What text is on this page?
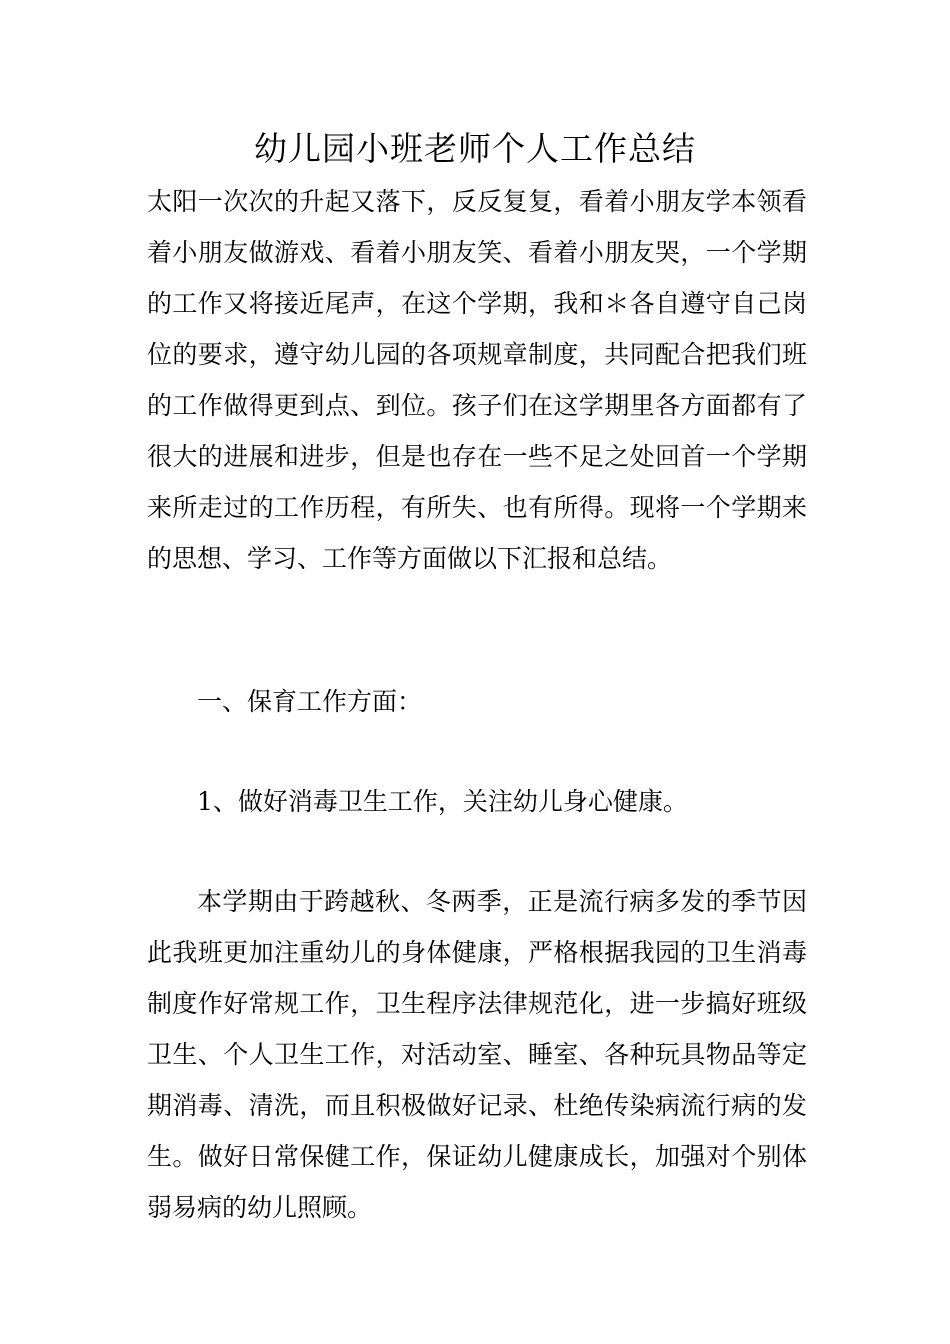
幼儿园小班老师个人工作总结

太阳一次次的升起又落下，反反复复，看着小朋友学本领看着小朋友做游戏、看着小朋友笑、看着小朋友哭，一个学期的工作又将接近尾声，在这个学期，我和＊各自遵守自己岗位的要求，遵守幼儿园的各项规章制度，共同配合把我们班的工作做得更到点、到位。孩子们在这学期里各方面都有了很大的进展和进步，但是也存在一些不足之处回首一个学期来所走过的工作历程，有所失、也有所得。现将一个学期来的思想、学习、工作等方面做以下汇报和总结。

一、保育工作方面：

1、做好消毒卫生工作，关注幼儿身心健康。

本学期由于跨越秋、冬两季，正是流行病多发的季节因此我班更加注重幼儿的身体健康，严格根据我园的卫生消毒制度作好常规工作，卫生程序法律规范化，进一步搞好班级卫生、个人卫生工作，对活动室、睡室、各种玩具物品等定期消毒、清洗，而且积极做好记录、杜绝传染病流行病的发生。做好日常保健工作，保证幼儿健康成长，加强对个别体弱易病的幼儿照顾。
